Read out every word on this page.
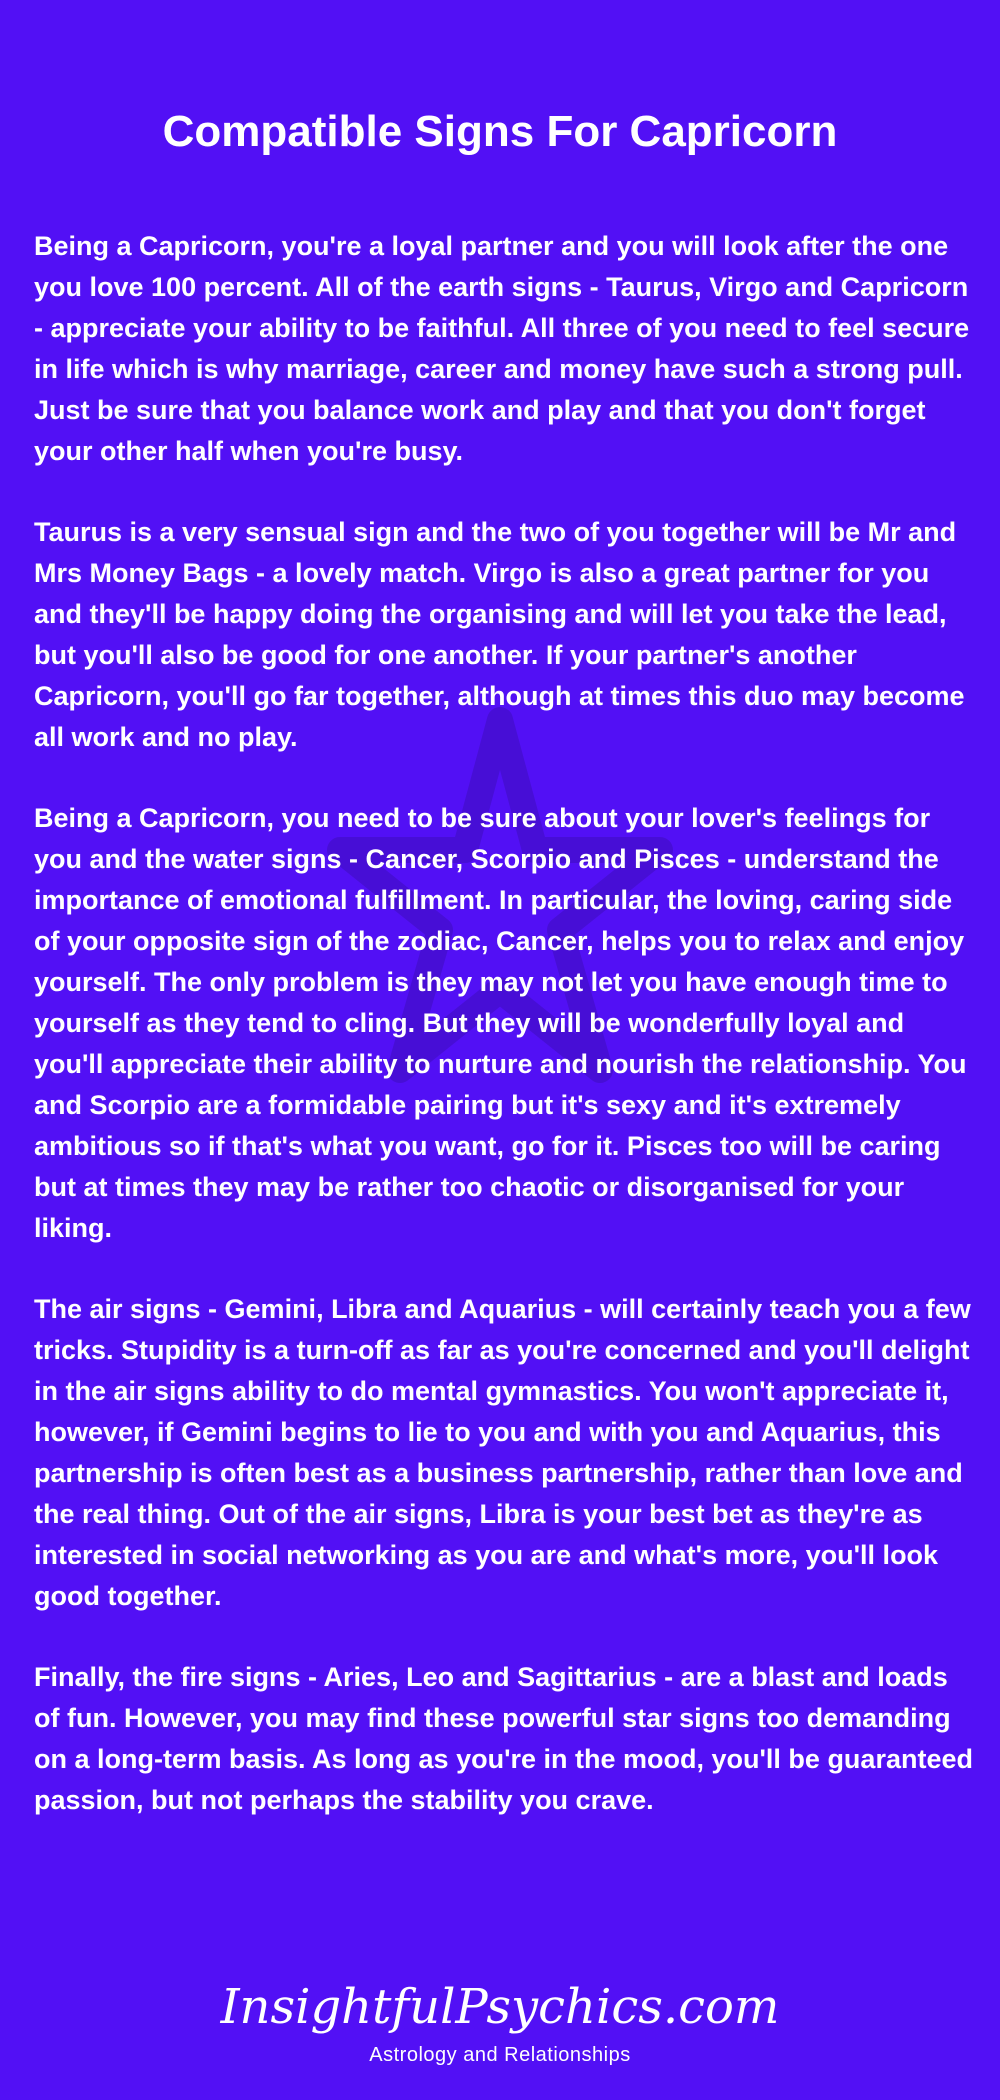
Compatible Signs For Capricorn

Being a Capricorn, you're a loyal partner and you will look after the one you love 100 percent. All of the earth signs - Taurus, Virgo and Capricorn - appreciate your ability to be faithful. All three of you need to feel secure in life which is why marriage, career and money have such a strong pull. Just be sure that you balance work and play and that you don't forget your other half when you're busy.

Taurus is a very sensual sign and the two of you together will be Mr and Mrs Money Bags - a lovely match. Virgo is also a great partner for you and they'll be happy doing the organising and will let you take the lead, but you'll also be good for one another. If your partner's another Capricorn, you'll go far together, although at times this duo may become all work and no play.

Being a Capricorn, you need to be sure about your lover's feelings for you and the water signs - Cancer, Scorpio and Pisces - understand the importance of emotional fulfillment. In particular, the loving, caring side of your opposite sign of the zodiac, Cancer, helps you to relax and enjoy yourself. The only problem is they may not let you have enough time to yourself as they tend to cling. But they will be wonderfully loyal and you'll appreciate their ability to nurture and nourish the relationship. You and Scorpio are a formidable pairing but it's sexy and it's extremely ambitious so if that's what you want, go for it. Pisces too will be caring but at times they may be rather too chaotic or disorganised for your liking.

The air signs - Gemini, Libra and Aquarius - will certainly teach you a few tricks. Stupidity is a turn-off as far as you're concerned and you'll delight in the air signs ability to do mental gymnastics. You won't appreciate it, however, if Gemini begins to lie to you and with you and Aquarius, this partnership is often best as a business partnership, rather than love and the real thing. Out of the air signs, Libra is your best bet as they're as interested in social networking as you are and what's more, you'll look good together.

Finally, the fire signs - Aries, Leo and Sagittarius - are a blast and loads of fun. However, you may find these powerful star signs too demanding on a long-term basis. As long as you're in the mood, you'll be guaranteed passion, but not perhaps the stability you crave.

InsightfulPsychics.com
Astrology and Relationships
